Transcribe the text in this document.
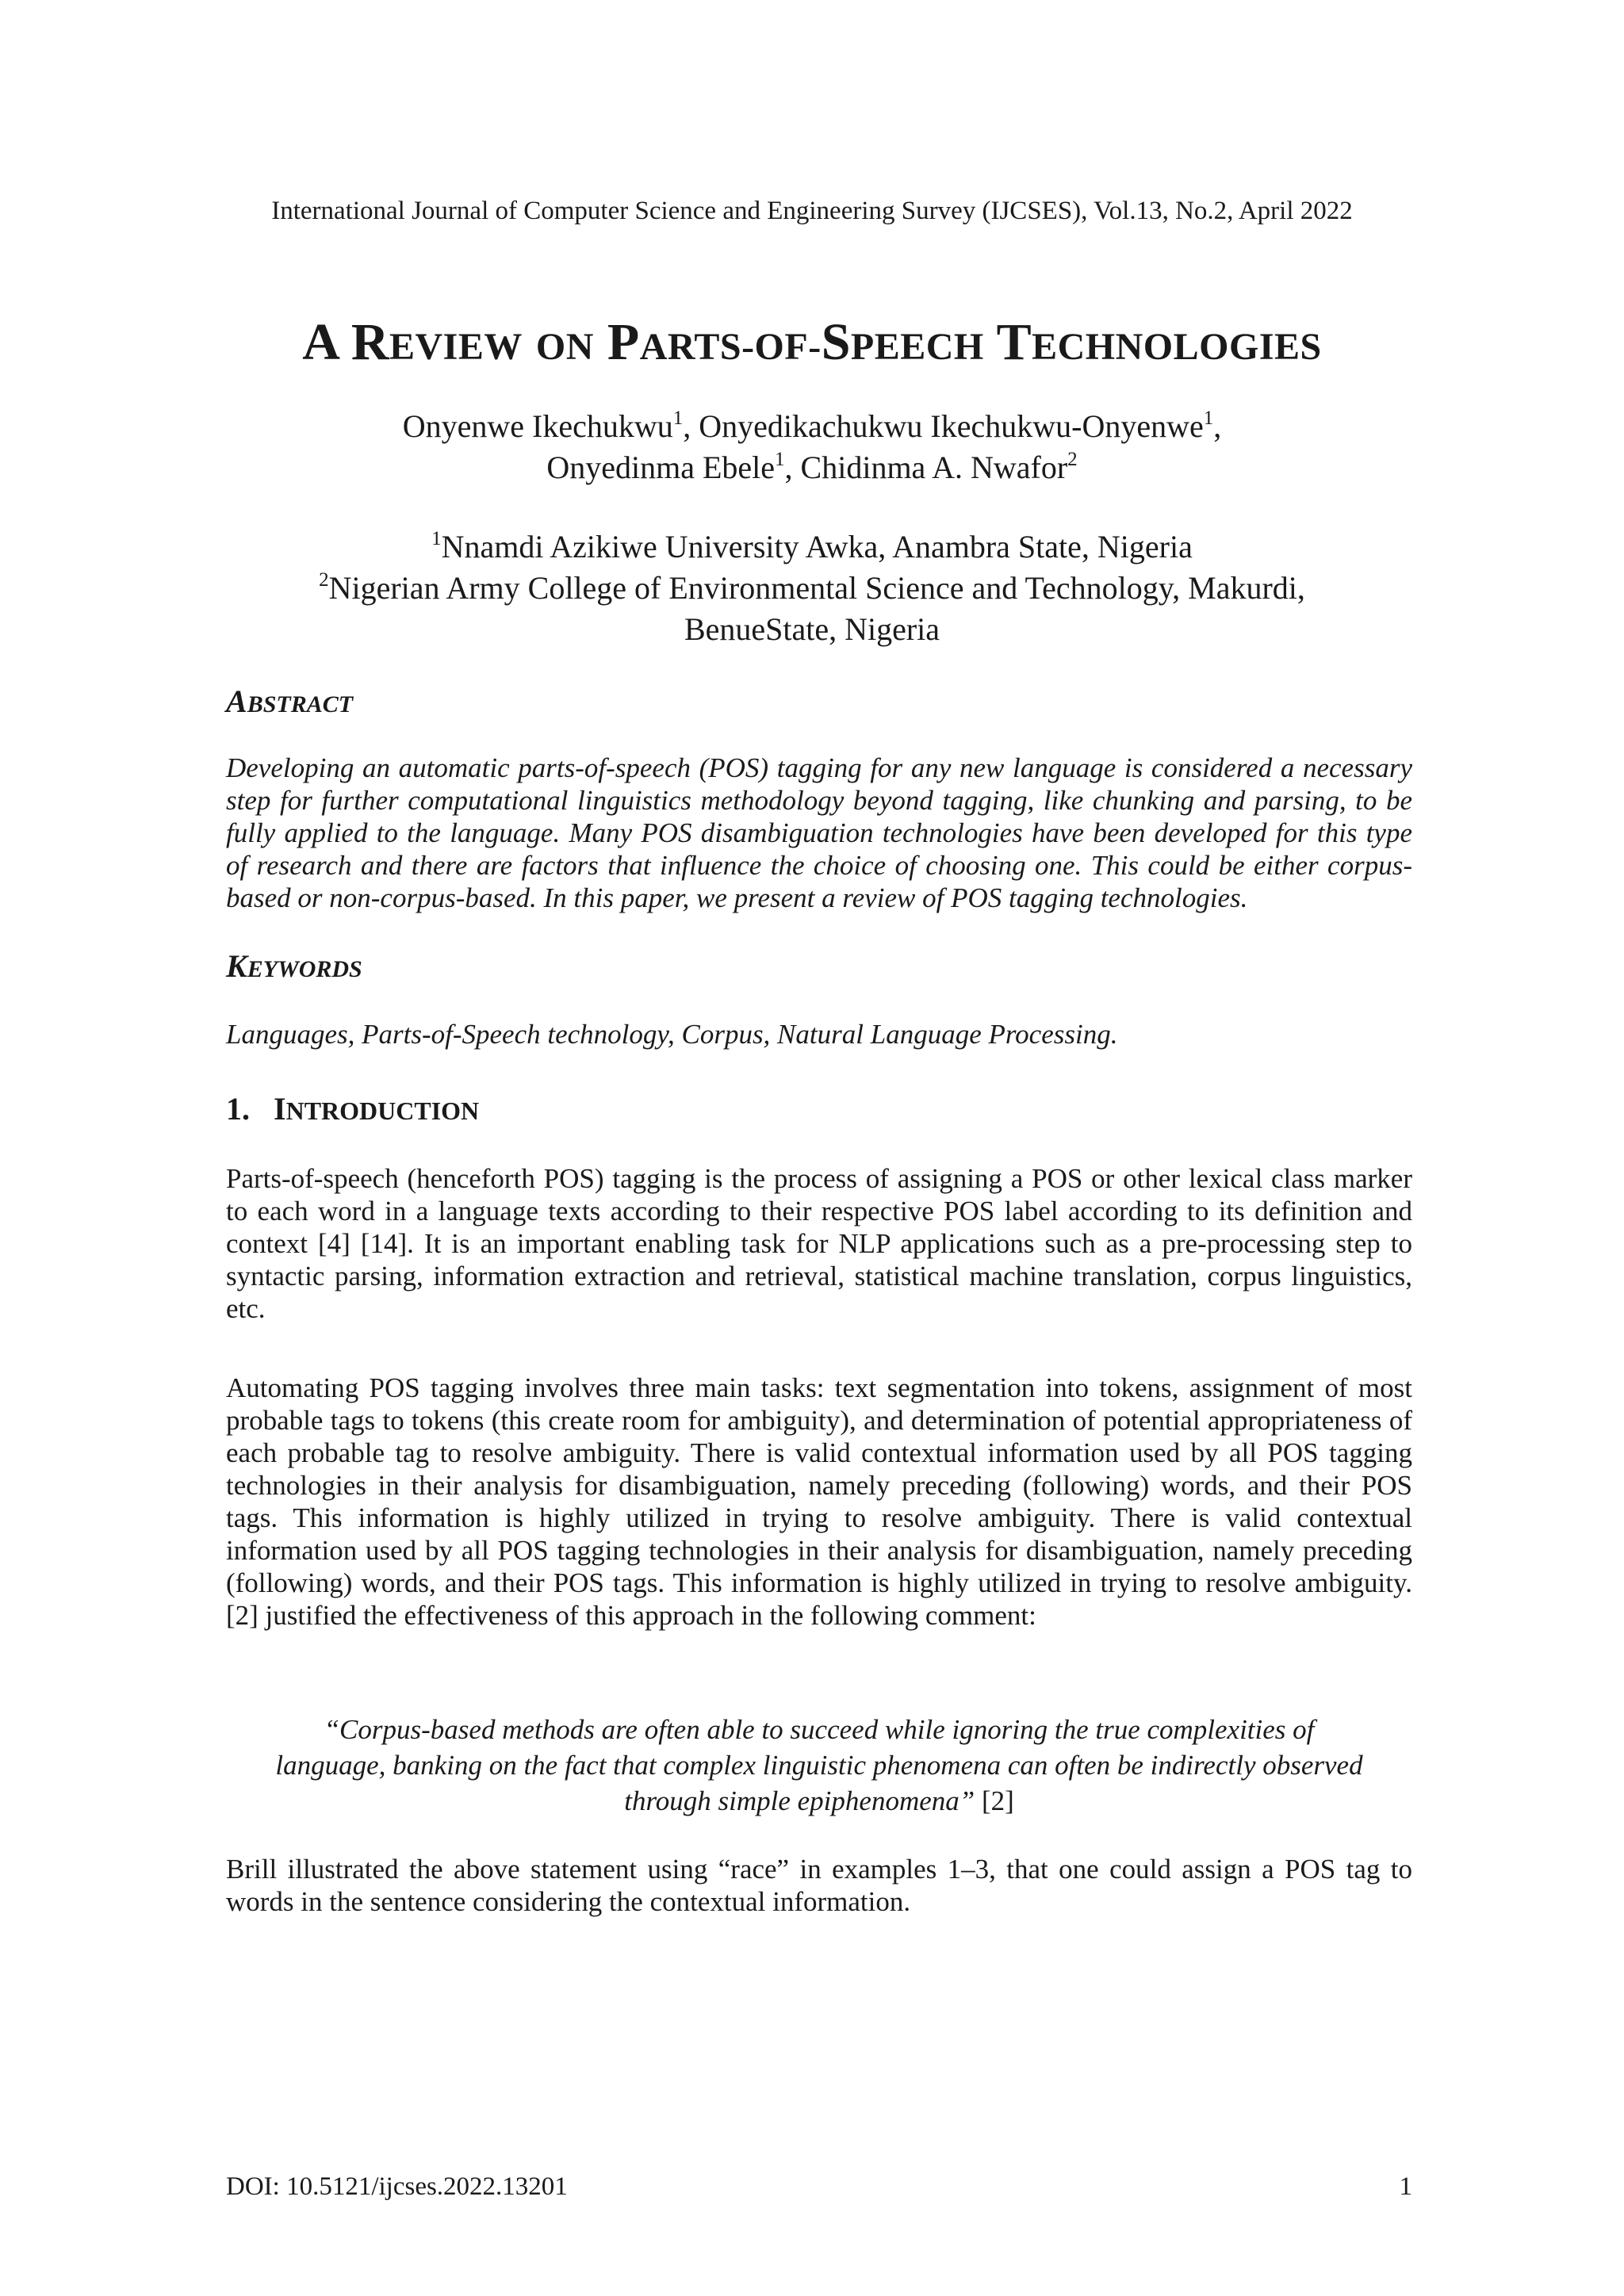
International Journal of Computer Science and Engineering Survey (IJCSES), Vol.13, No.2, April 2022
A REVIEW ON PARTS-OF-SPEECH TECHNOLOGIES
Onyenwe Ikechukwu$^1$, Onyedikachukwu Ikechukwu-Onyenwe$^1$,
Onyedinma Ebele$^1$, Chidinma A. Nwafor$^2$
$^1$Nnamdi Azikiwe University Awka, Anambra State, Nigeria
$^2$Nigerian Army College of Environmental Science and Technology, Makurdi,
BenueState, Nigeria
ABSTRACT
Developing an automatic parts-of-speech (POS) tagging for any new language is considered a necessary step for further computational linguistics methodology beyond tagging, like chunking and parsing, to be fully applied to the language. Many POS disambiguation technologies have been developed for this type of research and there are factors that influence the choice of choosing one. This could be either corpus-based or non-corpus-based. In this paper, we present a review of POS tagging technologies.
KEYWORDS
Languages, Parts-of-Speech technology, Corpus, Natural Language Processing.
1. INTRODUCTION
Parts-of-speech (henceforth POS) tagging is the process of assigning a POS or other lexical class marker to each word in a language texts according to their respective POS label according to its definition and context [4] [14]. It is an important enabling task for NLP applications such as a pre-processing step to syntactic parsing, information extraction and retrieval, statistical machine translation, corpus linguistics, etc.
Automating POS tagging involves three main tasks: text segmentation into tokens, assignment of most probable tags to tokens (this create room for ambiguity), and determination of potential appropriateness of each probable tag to resolve ambiguity. There is valid contextual information used by all POS tagging technologies in their analysis for disambiguation, namely preceding (following) words, and their POS tags. This information is highly utilized in trying to resolve ambiguity. There is valid contextual information used by all POS tagging technologies in their analysis for disambiguation, namely preceding (following) words, and their POS tags. This information is highly utilized in trying to resolve ambiguity. [2] justified the effectiveness of this approach in the following comment:
“Corpus-based methods are often able to succeed while ignoring the true complexities of
language, banking on the fact that complex linguistic phenomena can often be indirectly observed
through simple epiphenomena” [2]
Brill illustrated the above statement using “race” in examples 1–3, that one could assign a POS tag to words in the sentence considering the contextual information.
DOI: 10.5121/ijcses.2022.13201	1
